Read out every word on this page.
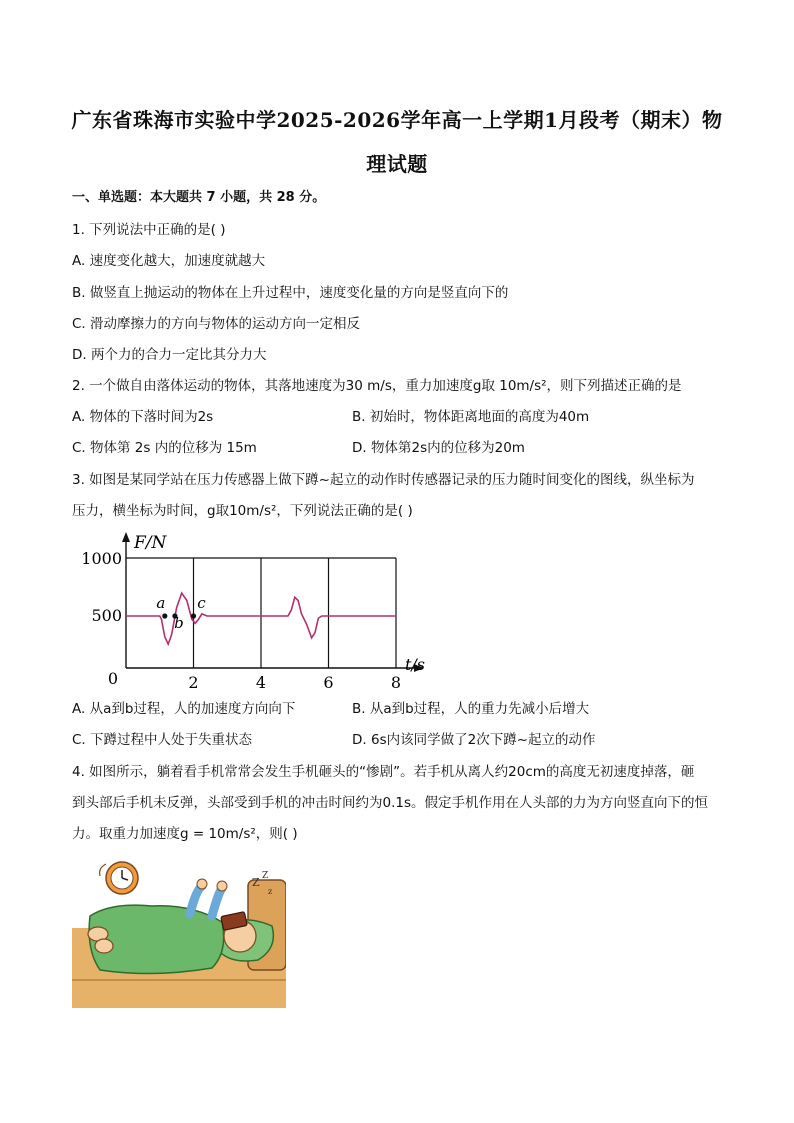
广东省珠海市实验中学2025-2026学年高一上学期1月段考（期末）物
理试题
一、单选题：本大题共 7 小题，共 28 分。
1. 下列说法中正确的是( )
A. 速度变化越大，加速度就越大
B. 做竖直上抛运动的物体在上升过程中，速度变化量的方向是竖直向下的
C. 滑动摩擦力的方向与物体的运动方向一定相反
D. 两个力的合力一定比其分力大
2. 一个做自由落体运动的物体，其落地速度为30 m/s，重力加速度g取 10m/s²，则下列描述正确的是
A. 物体的下落时间为2s	B. 初始时，物体距离地面的高度为40m
C. 物体第 2s 内的位移为 15m	D. 物体第2s内的位移为20m
3. 如图是某同学站在压力传感器上做下蹲~起立的动作时传感器记录的压力随时间变化的图线，纵坐标为
压力，横坐标为时间，g取10m/s²，下列说法正确的是( )
1000
500
0	2	4	6	8
a
b
c
F/N
t/s
A. 从a到b过程，人的加速度方向向下	B. 从a到b过程，人的重力先减小后增大
C. 下蹲过程中人处于失重状态	D. 6s内该同学做了2次下蹲~起立的动作
4. 如图所示，躺着看手机常常会发生手机砸头的“惨剧”。若手机从离人约20cm的高度无初速度掉落，砸
到头部后手机未反弹，头部受到手机的冲击时间约为0.1s。假定手机作用在人头部的力为方向竖直向下的恒
力。取重力加速度g = 10m/s²，则( )
Z Z
z
